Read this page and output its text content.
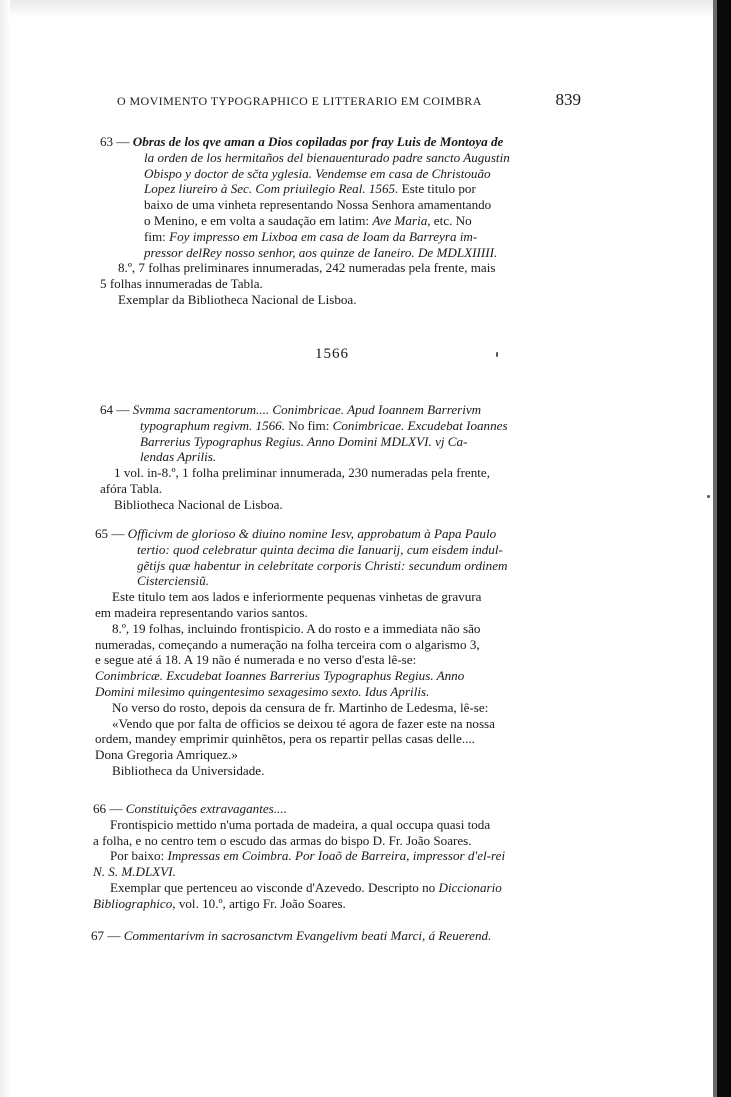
O MOVIMENTO TYPOGRAPHICO E LITTERARIO EM COIMBRA	839
63 — Obras de los qve aman a Dios copiladas por fray Luis de Montoya de
la orden de los hermitaños del bienauenturado padre sancto Augustin
Obispo y doctor de sčta yglesia. Vendemse em casa de Christouão
Lopez liureiro à Sec. Com priuilegio Real. 1565. Este titulo por
baixo de uma vinheta representando Nossa Senhora amamentando
o Menino, e em volta a saudação em latim: Ave Maria, etc. No
fim: Foy impresso em Lixboa em casa de Ioam da Barreyra im-
pressor delRey nosso senhor, aos quinze de Ianeiro. De MDLXIIIII.
8.º, 7 folhas preliminares innumeradas, 242 numeradas pela frente, mais
5 folhas innumeradas de Tabla.
Exemplar da Bibliotheca Nacional de Lisboa.
1566
64 — Svmma sacramentorum.... Conimbricae. Apud Ioannem Barrerivm
typographum regivm. 1566. No fim: Conimbricae. Excudebat Ioannes
Barrerius Typographus Regius. Anno Domini MDLXVI. vj Ca-
lendas Aprilis.
1 vol. in-8.º, 1 folha preliminar innumerada, 230 numeradas pela frente,
afóra Tabla.
Bibliotheca Nacional de Lisboa.
65 — Officivm de glorioso & diuino nomine Iesv, approbatum à Papa Paulo
tertio: quod celebratur quinta decima die Ianuarij, cum eisdem indul-
gẽtijs quæ habentur in celebritate corporis Christi: secundum ordinem
Cisterciensiũ.
Este titulo tem aos lados e inferiormente pequenas vinhetas de gravura
em madeira representando varios santos.
8.º, 19 folhas, incluindo frontispicio. A do rosto e a immediata não são
numeradas, começando a numeração na folha terceira com o algarismo 3,
e segue até á 18. A 19 não é numerada e no verso d'esta lê-se:
Conimbricæ. Excudebat Ioannes Barrerius Typographus Regius. Anno
Domini milesimo quingentesimo sexagesimo sexto. Idus Aprilis.
No verso do rosto, depois da censura de fr. Martinho de Ledesma, lê-se:
«Vendo que por falta de officios se deixou té agora de fazer este na nossa
ordem, mandey emprimir quinhẽtos, pera os repartir pellas casas delle....
Dona Gregoria Amriquez.»
Bibliotheca da Universidade.
66 — Constituições extravagantes....
Frontispicio mettido n'uma portada de madeira, a qual occupa quasi toda
a folha, e no centro tem o escudo das armas do bispo D. Fr. João Soares.
Por baixo: Impressas em Coimbra. Por Ioaõ de Barreira, impressor d'el-rei
N. S. M.DLXVI.
Exemplar que pertenceu ao visconde d'Azevedo. Descripto no Diccionario
Bibliographico, vol. 10.º, artigo Fr. João Soares.
67 — Commentarivm in sacrosanctvm Evangelivm beati Marci, á Reuerend.
